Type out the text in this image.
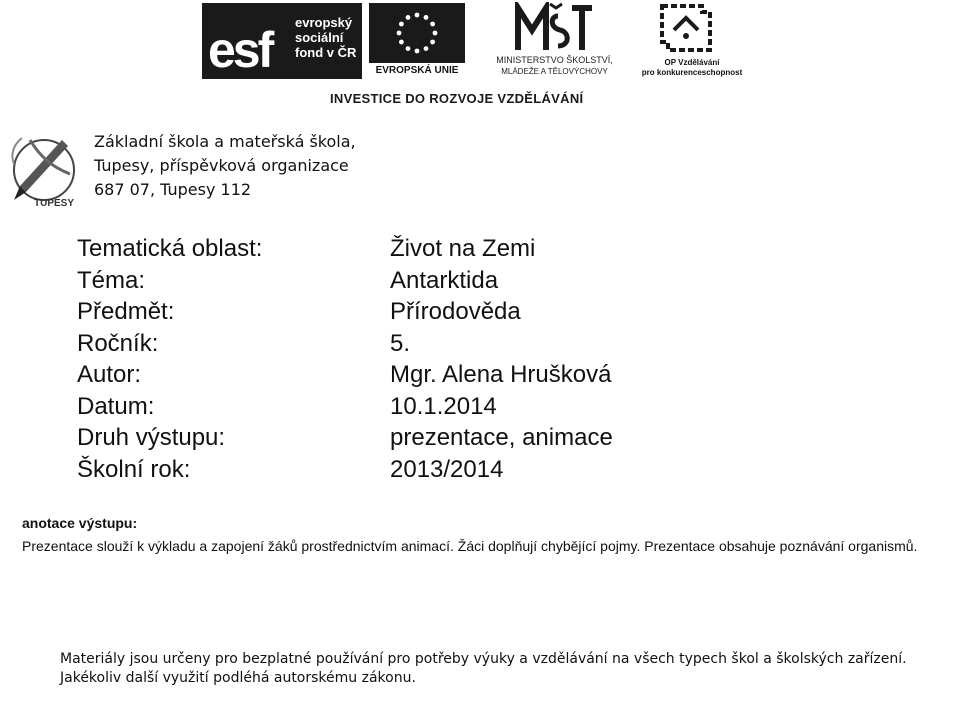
esf evropský
sociální
fond v ČR
EVROPSKÁ UNIE
MINISTERSTVO ŠKOLSTVÍ,
MLÁDEŽE A TĚLOVÝCHOVY
OP Vzdělávání
pro konkurenceschopnost
INVESTICE DO ROZVOJE VZDĚLÁVÁNÍ
TUPESY
Základní škola a mateřská škola,
Tupesy, příspěvková organizace
687 07, Tupesy 112
Tematická oblast:	Život na Zemi
Téma:	Antarktida
Předmět:	Přírodověda
Ročník:	5.
Autor:	Mgr. Alena Hrušková
Datum:	10.1.2014
Druh výstupu:	prezentace, animace
Školní rok:	2013/2014
anotace výstupu:
Prezentace slouží k výkladu a zapojení žáků prostřednictvím animací. Žáci doplňují chybějící pojmy. Prezentace obsahuje poznávání organismů.
Materiály jsou určeny pro bezplatné používání pro potřeby výuky a vzdělávání na všech typech škol a školských zařízení.
Jakékoliv další využití podléhá autorskému zákonu.
